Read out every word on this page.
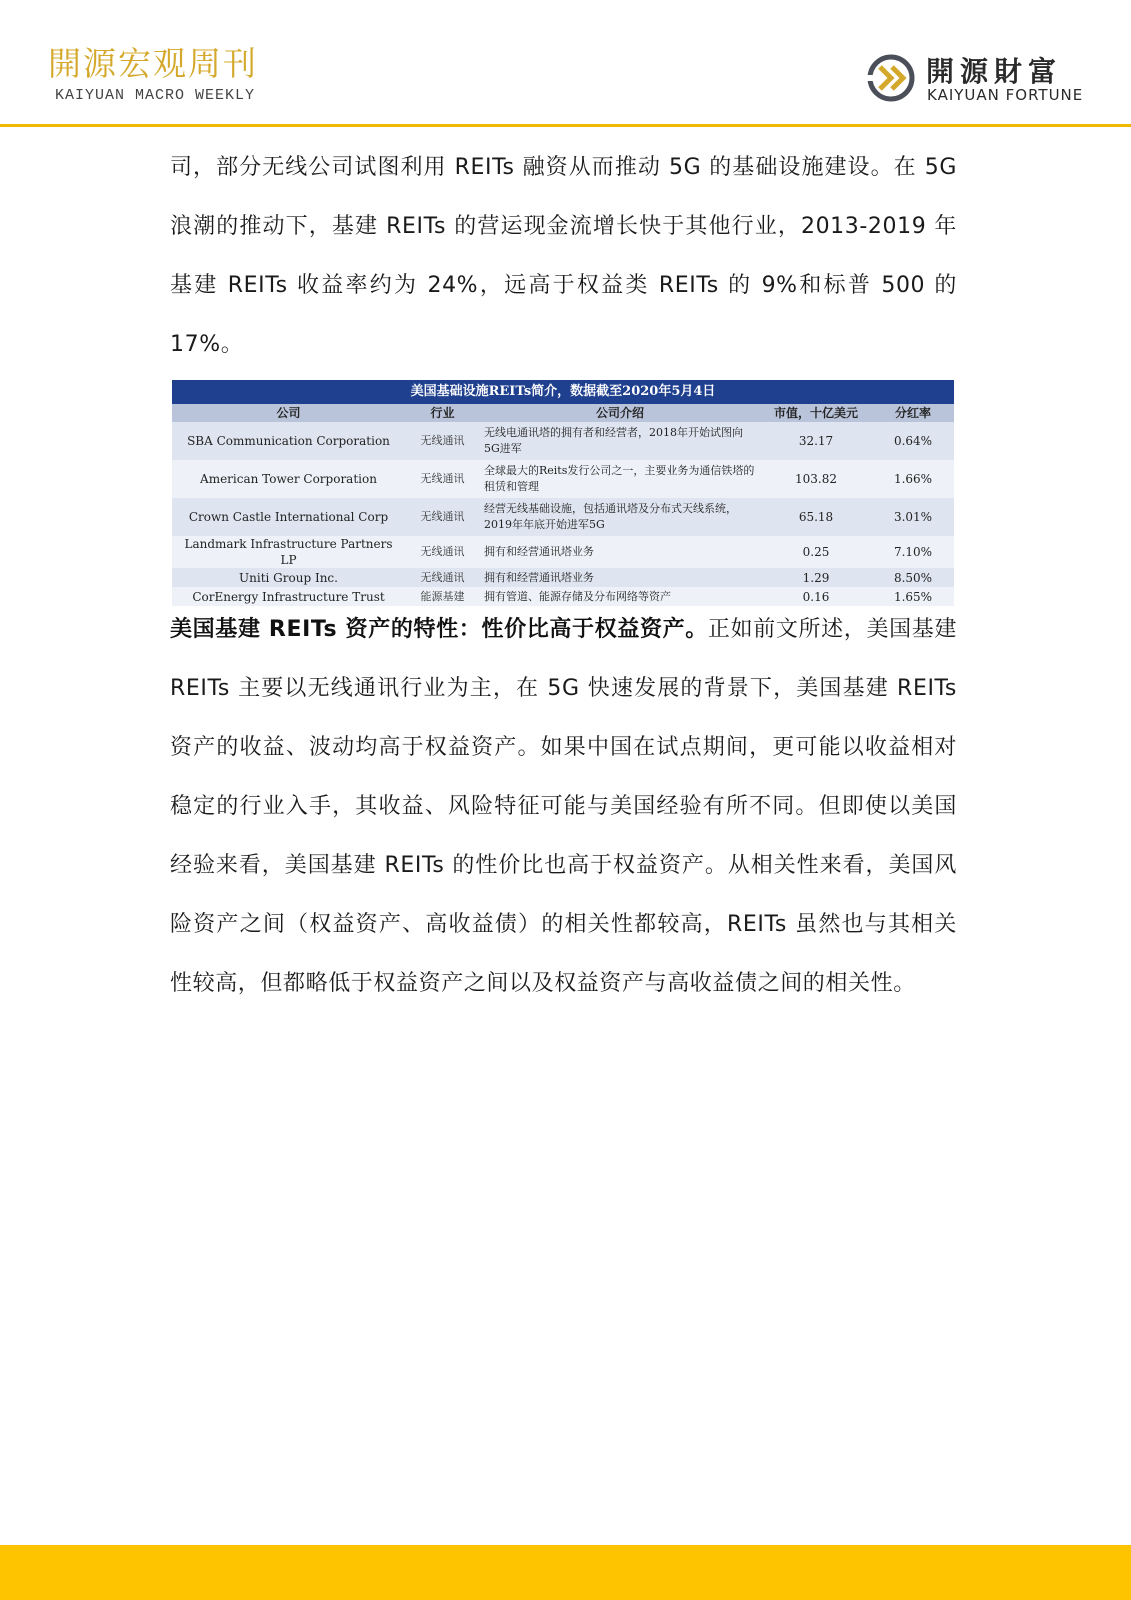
開源宏观周刊
KAIYUAN MACRO WEEKLY
開源財富
KAIYUAN FORTUNE

司，部分无线公司试图利用 REITs 融资从而推动 5G 的基础设施建设。在 5G 浪潮的推动下，基建 REITs 的营运现金流增长快于其他行业，2013-2019 年基建 REITs 收益率约为 24%，远高于权益类 REITs 的 9%和标普 500 的 17%。

美国基础设施REITs简介，数据截至2020年5月4日
公司	行业	公司介绍	市值，十亿美元	分红率
SBA Communication Corporation	无线通讯	无线电通讯塔的拥有者和经营者，2018年开始试图向5G进军	32.17	0.64%
American Tower Corporation	无线通讯	全球最大的Reits发行公司之一，主要业务为通信铁塔的租赁和管理	103.82	1.66%
Crown Castle International Corp	无线通讯	经营无线基础设施，包括通讯塔及分布式天线系统，2019年年底开始进军5G	65.18	3.01%
Landmark Infrastructure Partners LP	无线通讯	拥有和经营通讯塔业务	0.25	7.10%
Uniti Group Inc.	无线通讯	拥有和经营通讯塔业务	1.29	8.50%
CorEnergy Infrastructure Trust	能源基建	拥有管道、能源存储及分布网络等资产	0.16	1.65%

美国基建 REITs 资产的特性：性价比高于权益资产。正如前文所述，美国基建 REITs 主要以无线通讯行业为主，在 5G 快速发展的背景下，美国基建 REITs 资产的收益、波动均高于权益资产。如果中国在试点期间，更可能以收益相对稳定的行业入手，其收益、风险特征可能与美国经验有所不同。但即使以美国经验来看，美国基建 REITs 的性价比也高于权益资产。从相关性来看，美国风险资产之间（权益资产、高收益债）的相关性都较高，REITs 虽然也与其相关性较高，但都略低于权益资产之间以及权益资产与高收益债之间的相关性。
